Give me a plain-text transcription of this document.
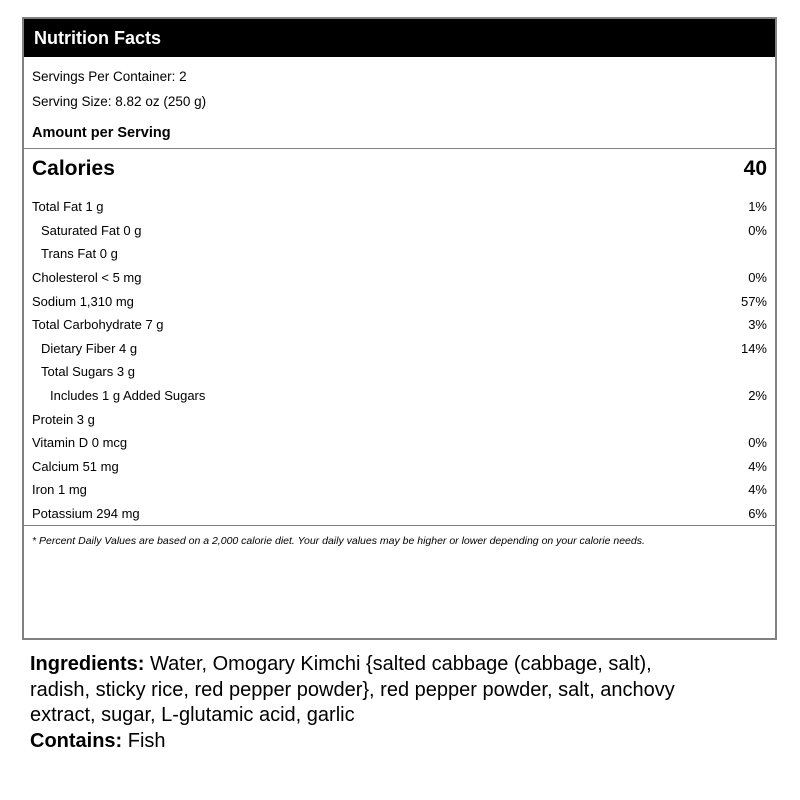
Nutrition Facts
Servings Per Container: 2
Serving Size: 8.82 oz (250 g)
Amount per Serving
Calories	40
Total Fat 1 g	1%
Saturated Fat 0 g	0%
Trans Fat 0 g
Cholesterol < 5 mg	0%
Sodium 1,310 mg	57%
Total Carbohydrate 7 g	3%
Dietary Fiber 4 g	14%
Total Sugars 3 g
Includes 1 g Added Sugars	2%
Protein 3 g
Vitamin D 0 mcg	0%
Calcium 51 mg	4%
Iron 1 mg	4%
Potassium 294 mg	6%
* Percent Daily Values are based on a 2,000 calorie diet. Your daily values may be higher or lower depending on your calorie needs.
Ingredients: Water, Omogary Kimchi {salted cabbage (cabbage, salt),
radish, sticky rice, red pepper powder}, red pepper powder, salt, anchovy
extract, sugar, L-glutamic acid, garlic
Contains: Fish
